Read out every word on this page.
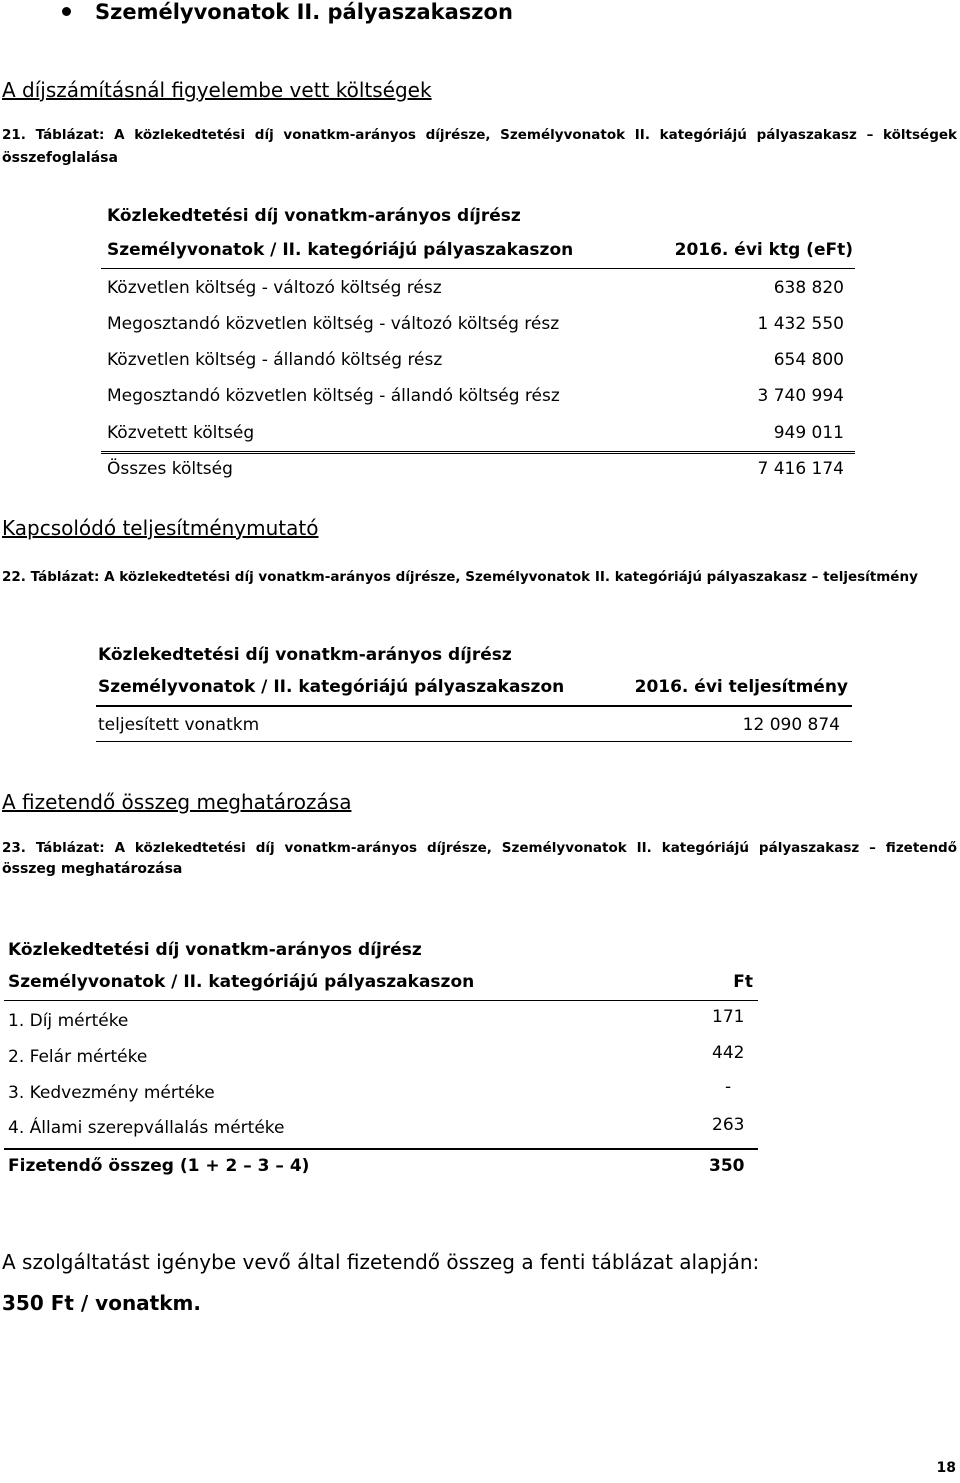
Személyvonatok II. pályaszakaszon
A díjszámításnál figyelembe vett költségek
21. Táblázat: A közlekedtetési díj vonatkm-arányos díjrésze, Személyvonatok II. kategóriájú pályaszakasz – költségek
összefoglalása
Közlekedtetési díj vonatkm-arányos díjrész
Személyvonatok / II. kategóriájú pályaszakaszon	2016. évi ktg (eFt)
Közvetlen költség - változó költség rész	638 820
Megosztandó közvetlen költség - változó költség rész	1 432 550
Közvetlen költség - állandó költség rész	654 800
Megosztandó közvetlen költség - állandó költség rész	3 740 994
Közvetett költség	949 011
Összes költség	7 416 174
Kapcsolódó teljesítménymutató
22. Táblázat: A közlekedtetési díj vonatkm-arányos díjrésze, Személyvonatok II. kategóriájú pályaszakasz – teljesítmény
Közlekedtetési díj vonatkm-arányos díjrész
Személyvonatok / II. kategóriájú pályaszakaszon	2016. évi teljesítmény
teljesített vonatkm	12 090 874
A fizetendő összeg meghatározása
23. Táblázat: A közlekedtetési díj vonatkm-arányos díjrésze, Személyvonatok II. kategóriájú pályaszakasz – fizetendő
összeg meghatározása
Közlekedtetési díj vonatkm-arányos díjrész
Személyvonatok / II. kategóriájú pályaszakaszon	Ft
1. Díj mértéke	171
2. Felár mértéke	442
3. Kedvezmény mértéke	-
4. Állami szerepvállalás mértéke	263
Fizetendő összeg (1 + 2 – 3 – 4)	350
A szolgáltatást igénybe vevő által fizetendő összeg a fenti táblázat alapján:
350 Ft / vonatkm.
18
